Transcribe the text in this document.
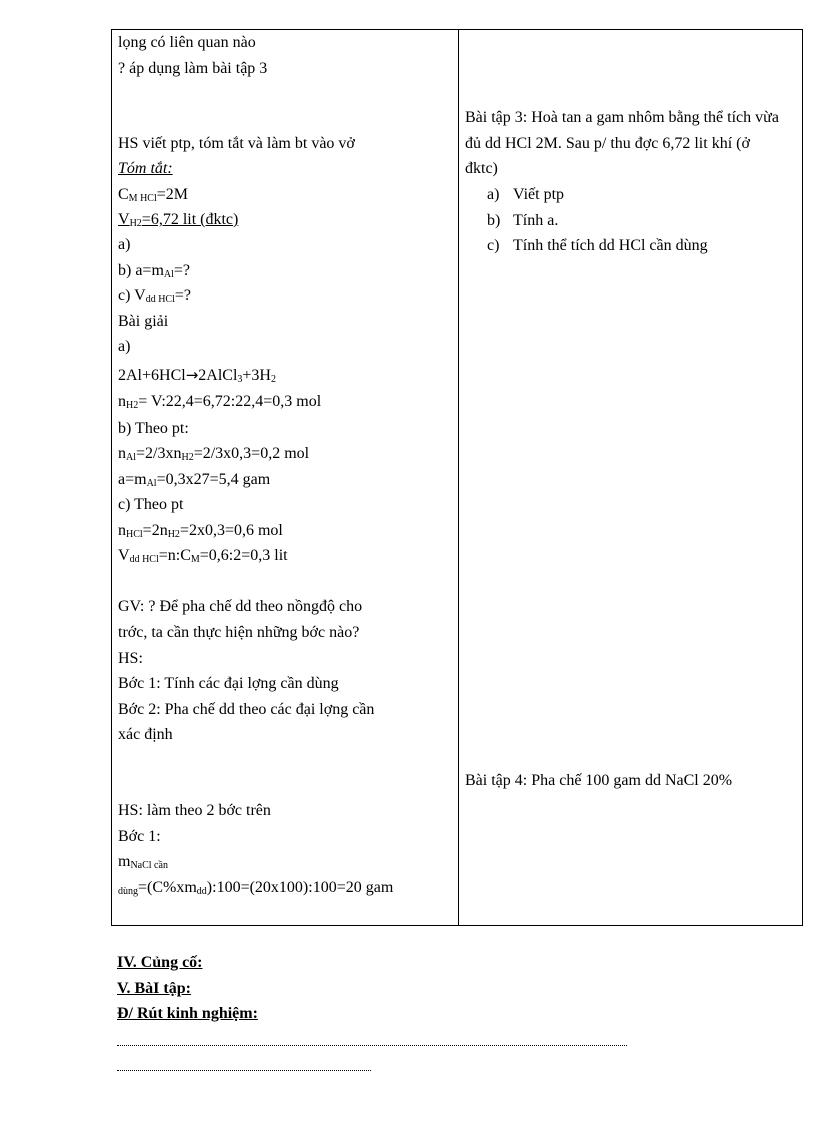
lọng có liên quan nào
? áp dụng làm bài tập 3
HS viết ptp, tóm tắt và làm bt vào vở
Tóm tắt:
$C_{M HCl}=2M$
$V_{H2}=6,72$ lit (đktc)
a)
b) $a=m_{Al}=$?
c) $V_{dd HCl}=$?
Bài giải
a)
$2Al+6HCl\to 2AlCl_3+3H_2$
$n_{H2}=$ V:22,4=6,72:22,4=0,3 mol
b) Theo pt:
$n_{Al}=2/3xn_{H2}=2/3x0,3=0,2$ mol
$a=m_{Al}=0,3x27=5,4$ gam
c) Theo pt
$n_{HCl}=2n_{H2}=2x0,3=0,6$ mol
$V_{dd HCl}=n:C_M=0,6:2=0,3$ lit
GV: ? Để pha chế dd theo nồngđộ cho
trớc, ta cần thực hiện những bớc nào?
HS:
Bớc 1: Tính các đại lợng cần dùng
Bớc 2: Pha chế dd theo các đại lợng cần
xác định
HS: làm theo 2 bớc trên
Bớc 1:
$m_{NaCl cần}$
$_{dùng}=(C\%xm_{dd}):100=(20x100):100=20$ gam
Bài tập 3: Hoà tan a gam nhôm bằng thể tích vừa đủ dd HCl 2M. Sau p/ thu đợc 6,72 lit khí (ở đktc)
a) Viết ptp
b) Tính a.
c) Tính thể tích dd HCl cần dùng
Bài tập 4: Pha chế 100 gam dd NaCl 20%
IV. Củng cố:
V. BàI tập:
Đ/ Rút kinh nghiệm:
